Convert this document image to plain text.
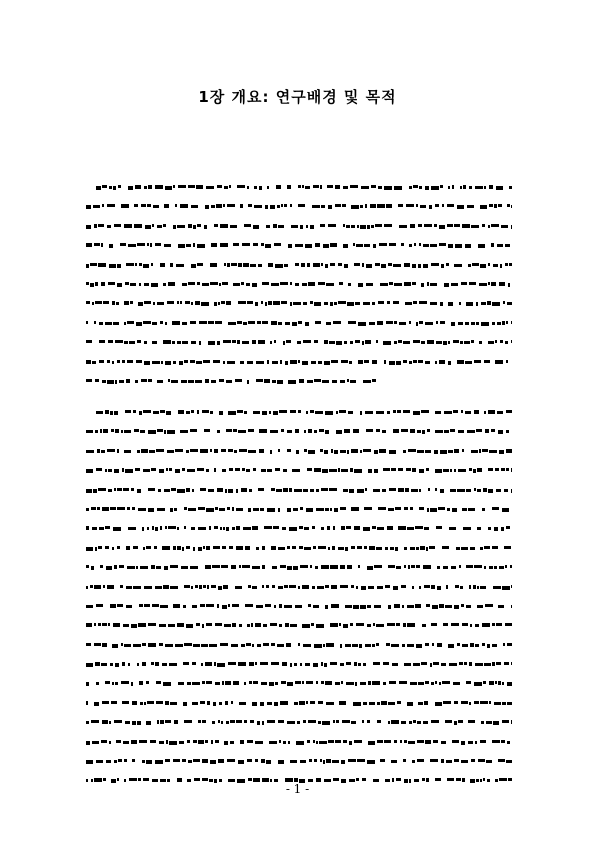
1장 개요: 연구배경 및 목적
- 1 -
